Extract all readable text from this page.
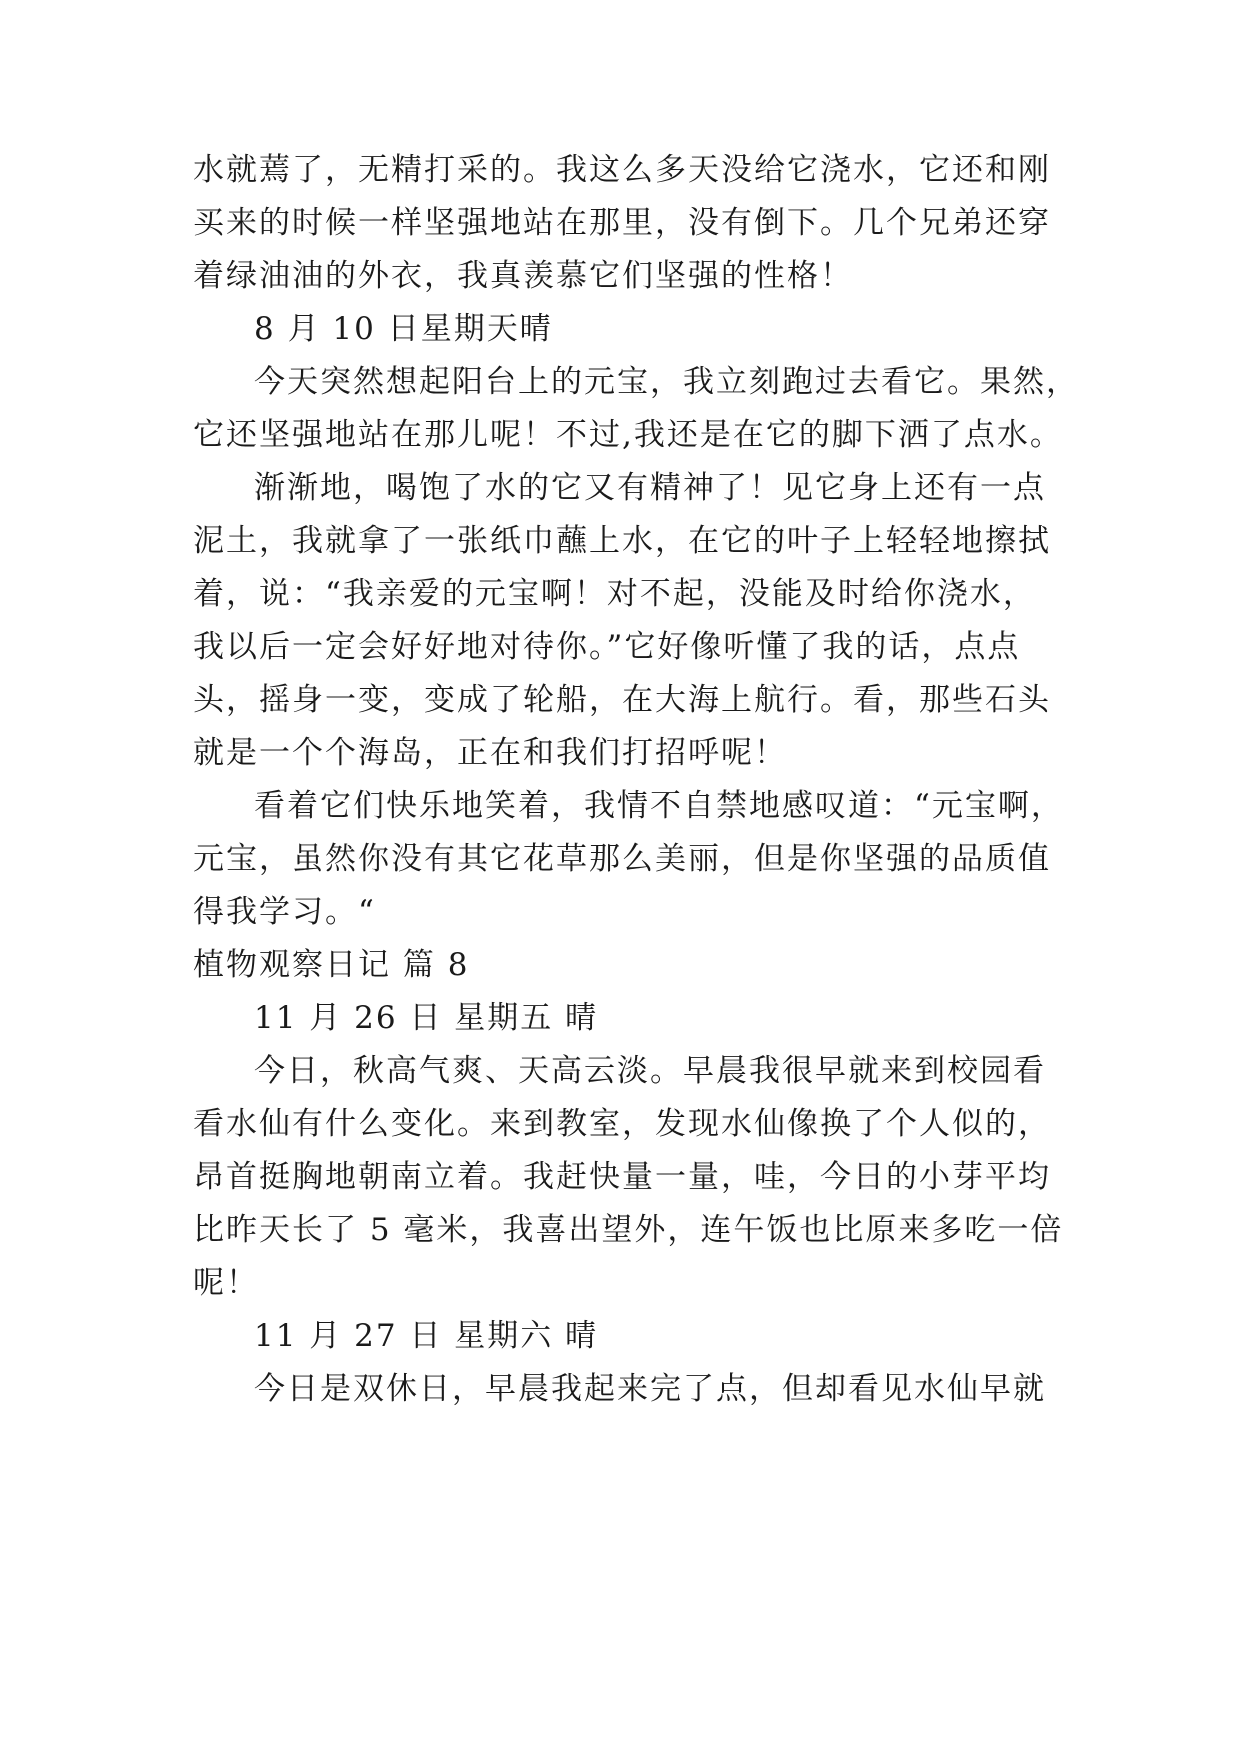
水就蔫了，无精打采的。我这么多天没给它浇水，它还和刚
买来的时候一样坚强地站在那里，没有倒下。几个兄弟还穿
着绿油油的外衣，我真羡慕它们坚强的性格！
8 月 10 日星期天晴
今天突然想起阳台上的元宝，我立刻跑过去看它。果然，
它还坚强地站在那儿呢！不过,我还是在它的脚下洒了点水。
渐渐地，喝饱了水的它又有精神了！见它身上还有一点
泥土，我就拿了一张纸巾蘸上水，在它的叶子上轻轻地擦拭
着，说：“我亲爱的元宝啊！对不起，没能及时给你浇水，
我以后一定会好好地对待你。”它好像听懂了我的话，点点
头，摇身一变，变成了轮船，在大海上航行。看，那些石头
就是一个个海岛，正在和我们打招呼呢！
看着它们快乐地笑着，我情不自禁地感叹道：“元宝啊，
元宝，虽然你没有其它花草那么美丽，但是你坚强的品质值
得我学习。“
植物观察日记 篇 8
11 月 26 日 星期五 晴
今日，秋高气爽、天高云淡。早晨我很早就来到校园看
看水仙有什么变化。来到教室，发现水仙像换了个人似的，
昂首挺胸地朝南立着。我赶快量一量，哇，今日的小芽平均
比昨天长了 5 毫米，我喜出望外，连午饭也比原来多吃一倍
呢！
11 月 27 日 星期六 晴
今日是双休日，早晨我起来完了点，但却看见水仙早就
